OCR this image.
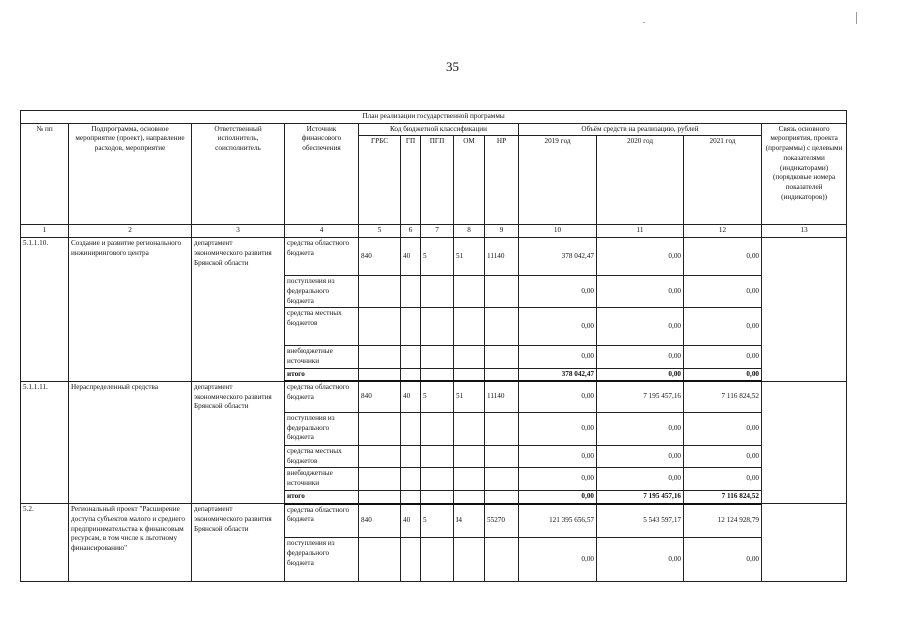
35
План реализации государственной программы												
№ пп	Подпрограмма, основное мероприятие (проект), направление расходов, мероприятие	Ответственный исполнитель, соисполнитель	Источник финансового обеспечения	Код бюджетной классификации					Объём средств на реализацию, рублей			Связь основного мероприятия, проекта (программы) с целевыми показателями (индикаторами) (порядковые номера показателей (индикаторов))
				ГРБС	ГП	ПГП	ОМ	НР	2019 год	2020 год	2021 год	
1	2	3	4	5	6	7	8	9	10	11	12	13
5.1.1.10.	Создание и развитие регионального инжинирингового центра	департамент экономического развития Брянской области	средства областного бюджета	840	40	5	51	11140	378 042,47	0,00	0,00	
			поступления из федерального бюджета						0,00	0,00	0,00	
			средства местных бюджетов						0,00	0,00	0,00	
			внебюджетные источники						0,00	0,00	0,00	
			итого						378 042,47	0,00	0,00	
5.1.1.11.	Нераспределенный средства	департамент экономического развития Брянской области	средства областного бюджета	840	40	5	51	11140	0,00	7 195 457,16	7 116 824,52	
			поступления из федерального бюджета						0,00	0,00	0,00	
			средства местных бюджетов						0,00	0,00	0,00	
			внебюджетные источники						0,00	0,00	0,00	
			итого						0,00	7 195 457,16	7 116 824,52	
5.2.	Региональный проект "Расширение доступа субъектов малого и среднего предпринимательства к финансовым ресурсам, в том числе к льготному финансированию"	департамент экономического развития Брянской области	средства областного бюджета	840	40	5	I4	55270	121 395 656,57	5 543 597,17	12 124 928,79	
			поступления из федерального бюджета						0,00	0,00	0,00	
